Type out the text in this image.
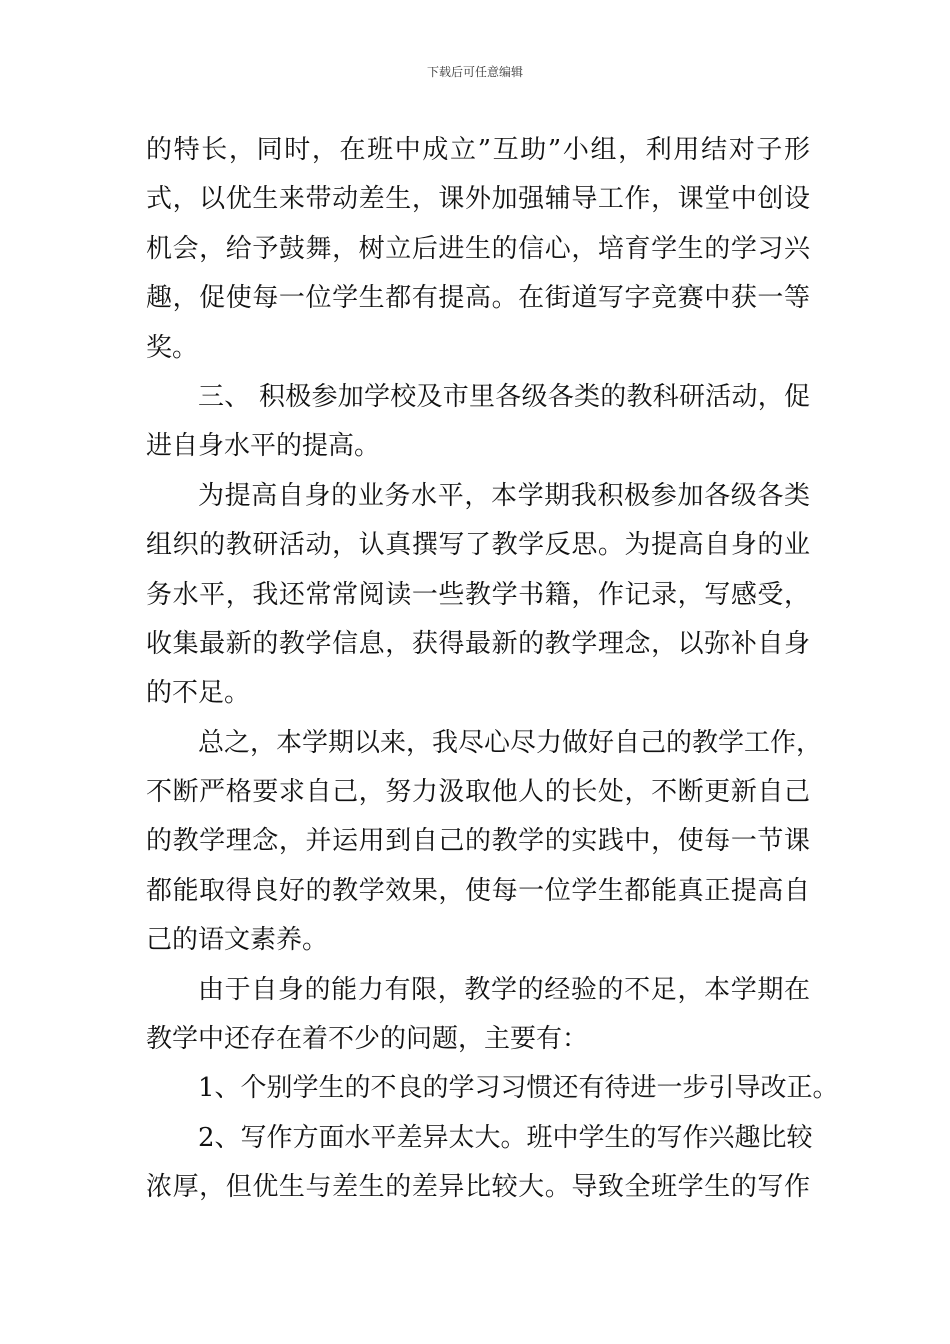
下载后可任意编辑
的特长，同时，在班中成立”互助”小组，利用结对子形
式，以优生来带动差生，课外加强辅导工作，课堂中创设
机会，给予鼓舞，树立后进生的信心，培育学生的学习兴
趣，促使每一位学生都有提高。在街道写字竞赛中获一等
奖。
三、 积极参加学校及市里各级各类的教科研活动，促
进自身水平的提高。
为提高自身的业务水平，本学期我积极参加各级各类
组织的教研活动，认真撰写了教学反思。为提高自身的业
务水平，我还常常阅读一些教学书籍，作记录，写感受，
收集最新的教学信息，获得最新的教学理念，以弥补自身
的不足。
总之，本学期以来，我尽心尽力做好自己的教学工作，
不断严格要求自己，努力汲取他人的长处，不断更新自己
的教学理念，并运用到自己的教学的实践中，使每一节课
都能取得良好的教学效果，使每一位学生都能真正提高自
己的语文素养。
由于自身的能力有限，教学的经验的不足，本学期在
教学中还存在着不少的问题，主要有：
1、个别学生的不良的学习习惯还有待进一步引导改正。
2、写作方面水平差异太大。班中学生的写作兴趣比较
浓厚，但优生与差生的差异比较大。导致全班学生的写作
